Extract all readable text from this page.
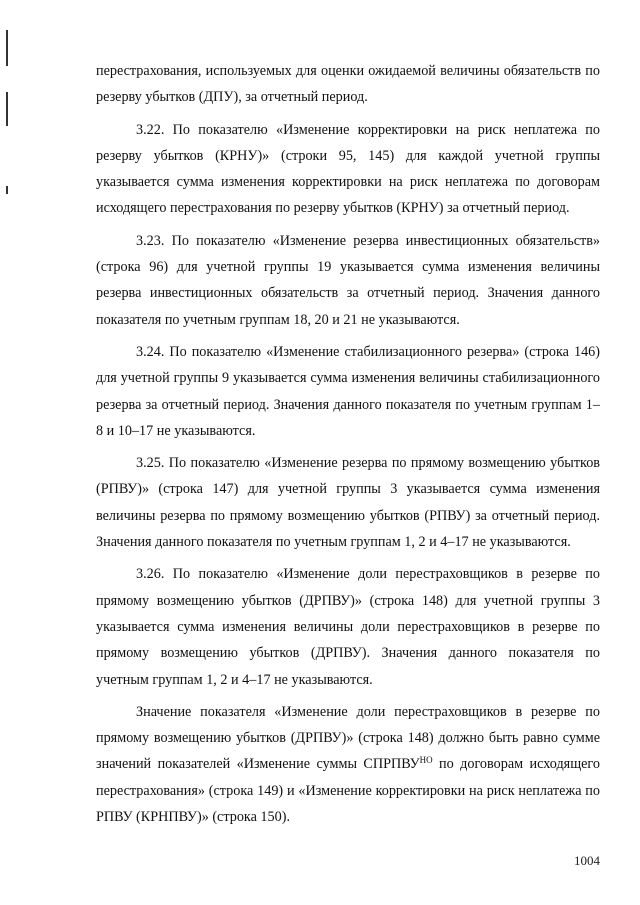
перестрахования, используемых для оценки ожидаемой величины обязательств по резерву убытков (ДПУ), за отчетный период.

3.22. По показателю «Изменение корректировки на риск неплатежа по резерву убытков (КРНУ)» (строки 95, 145) для каждой учетной группы указывается сумма изменения корректировки на риск неплатежа по договорам исходящего перестрахования по резерву убытков (КРНУ) за отчетный период.

3.23. По показателю «Изменение резерва инвестиционных обязательств» (строка 96) для учетной группы 19 указывается сумма изменения величины резерва инвестиционных обязательств за отчетный период. Значения данного показателя по учетным группам 18, 20 и 21 не указываются.

3.24. По показателю «Изменение стабилизационного резерва» (строка 146) для учетной группы 9 указывается сумма изменения величины стабилизационного резерва за отчетный период. Значения данного показателя по учетным группам 1–8 и 10–17 не указываются.

3.25. По показателю «Изменение резерва по прямому возмещению убытков (РПВУ)» (строка 147) для учетной группы 3 указывается сумма изменения величины резерва по прямому возмещению убытков (РПВУ) за отчетный период. Значения данного показателя по учетным группам 1, 2 и 4–17 не указываются.

3.26. По показателю «Изменение доли перестраховщиков в резерве по прямому возмещению убытков (ДРПВУ)» (строка 148) для учетной группы 3 указывается сумма изменения величины доли перестраховщиков в резерве по прямому возмещению убытков (ДРПВУ). Значения данного показателя по учетным группам 1, 2 и 4–17 не указываются.

Значение показателя «Изменение доли перестраховщиков в резерве по прямому возмещению убытков (ДРПВУ)» (строка 148) должно быть равно сумме значений показателей «Изменение суммы $СПРПВУ^{НО}$ по договорам исходящего перестрахования» (строка 149) и «Изменение корректировки на риск неплатежа по РПВУ (КРНПВУ)» (строка 150).

1004
